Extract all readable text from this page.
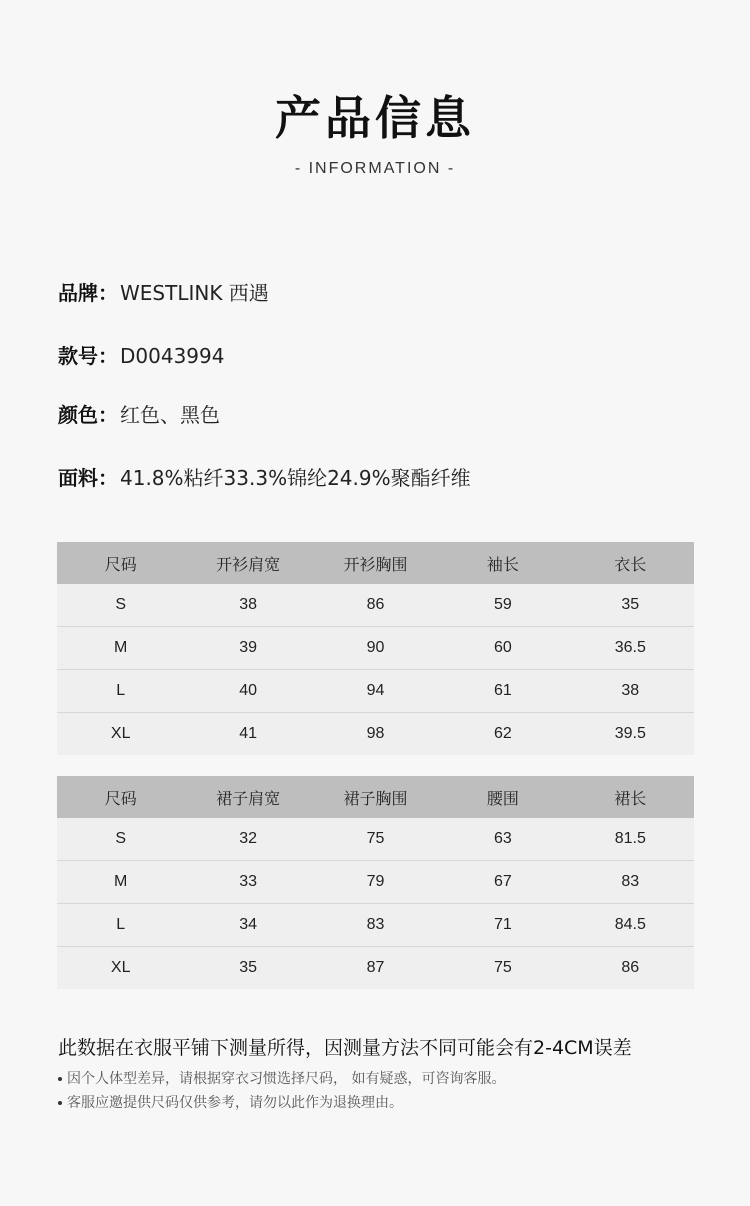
产品信息
- INFORMATION -
品牌： WESTLINK 西遇
款号： D0043994
颜色： 红色、黑色
面料： 41.8%粘纤33.3%锦纶24.9%聚酯纤维
尺码	开衫肩宽	开衫胸围	袖长	衣长
S	38	86	59	35
M	39	90	60	36.5
L	40	94	61	38
XL	41	98	62	39.5
尺码	裙子肩宽	裙子胸围	腰围	裙长
S	32	75	63	81.5
M	33	79	67	83
L	34	83	71	84.5
XL	35	87	75	86
此数据在衣服平铺下测量所得，因测量方法不同可能会有2-4CM误差
因个人体型差异，请根据穿衣习惯选择尺码， 如有疑惑，可咨询客服。
客服应邀提供尺码仅供参考，请勿以此作为退换理由。
